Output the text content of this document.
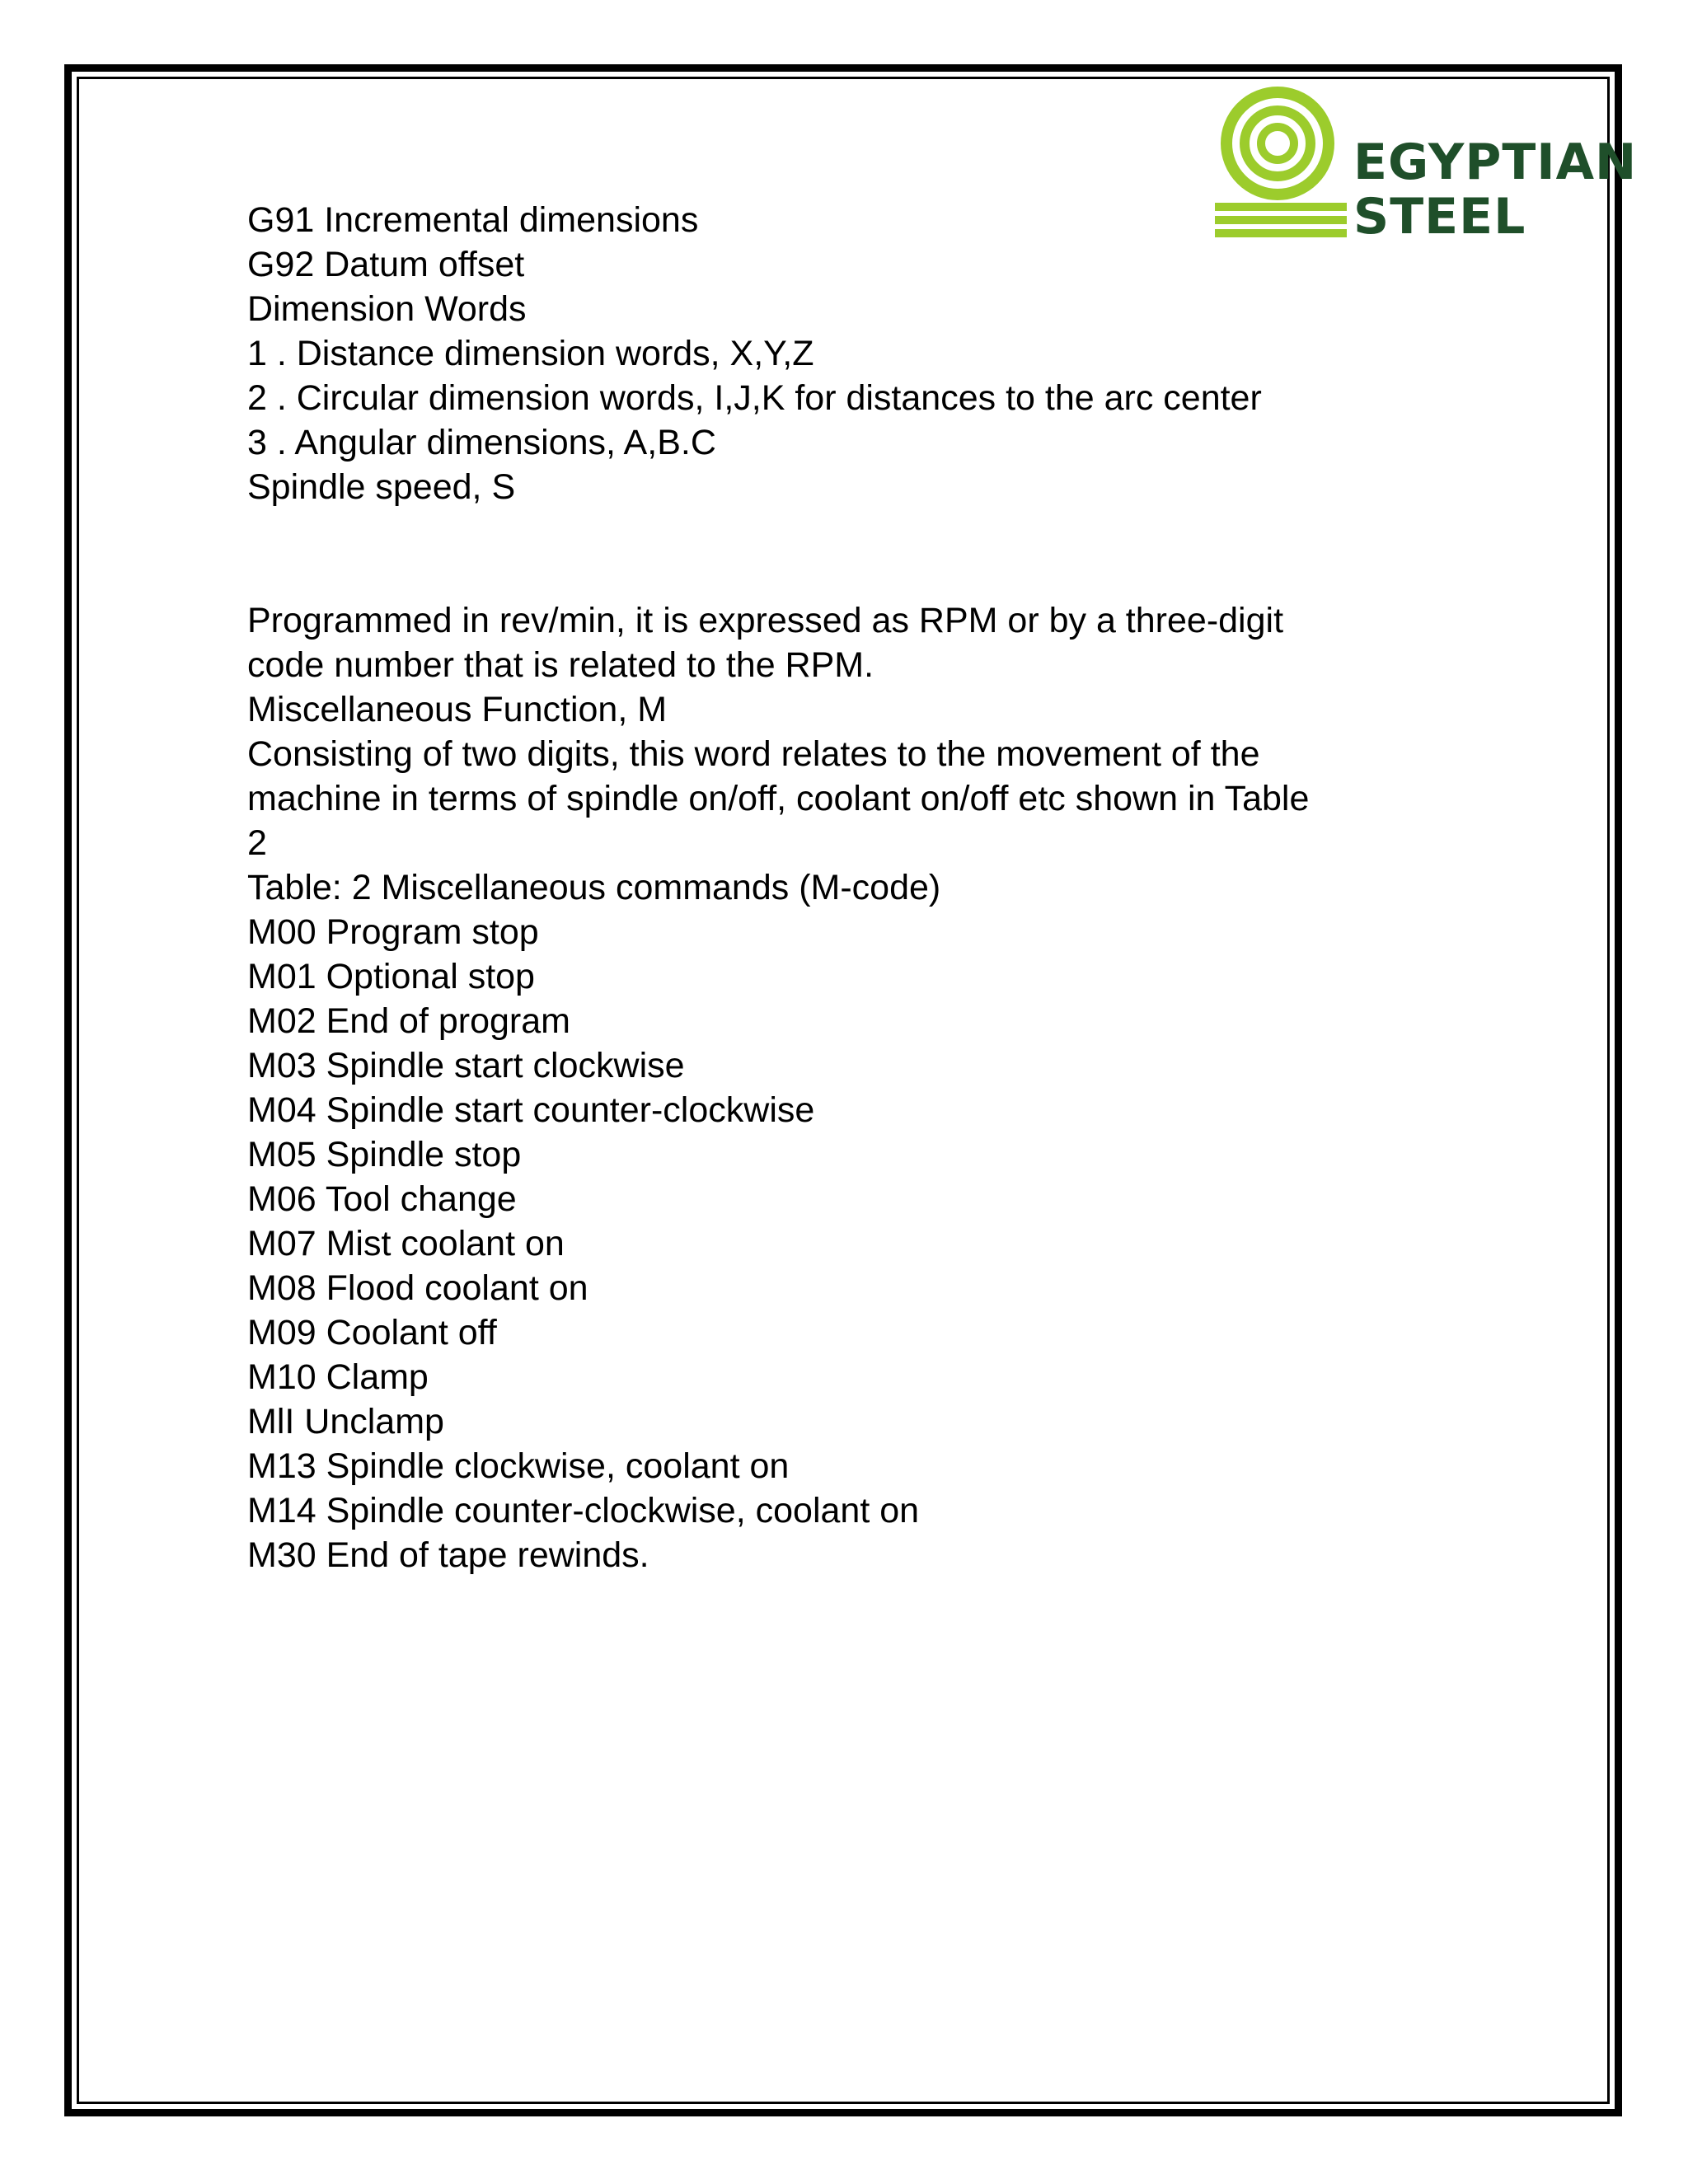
EGYPTIAN
STEEL
G91 Incremental dimensions
G92 Datum offset
Dimension Words
1 . Distance dimension words, X,Y,Z
2 . Circular dimension words, I,J,K for distances to the arc center
3 . Angular dimensions, A,B.C
Spindle speed, S
Programmed in rev/min, it is expressed as RPM or by a three-digit
code number that is related to the RPM.
Miscellaneous Function, M
Consisting of two digits, this word relates to the movement of the
machine in terms of spindle on/off, coolant on/off etc shown in Table
2
Table: 2 Miscellaneous commands (M-code)
M00 Program stop
M01 Optional stop
M02 End of program
M03 Spindle start clockwise
M04 Spindle start counter-clockwise
M05 Spindle stop
M06 Tool change
M07 Mist coolant on
M08 Flood coolant on
M09 Coolant off
M10 Clamp
MlI Unclamp
M13 Spindle clockwise, coolant on
M14 Spindle counter-clockwise, coolant on
M30 End of tape rewinds.
